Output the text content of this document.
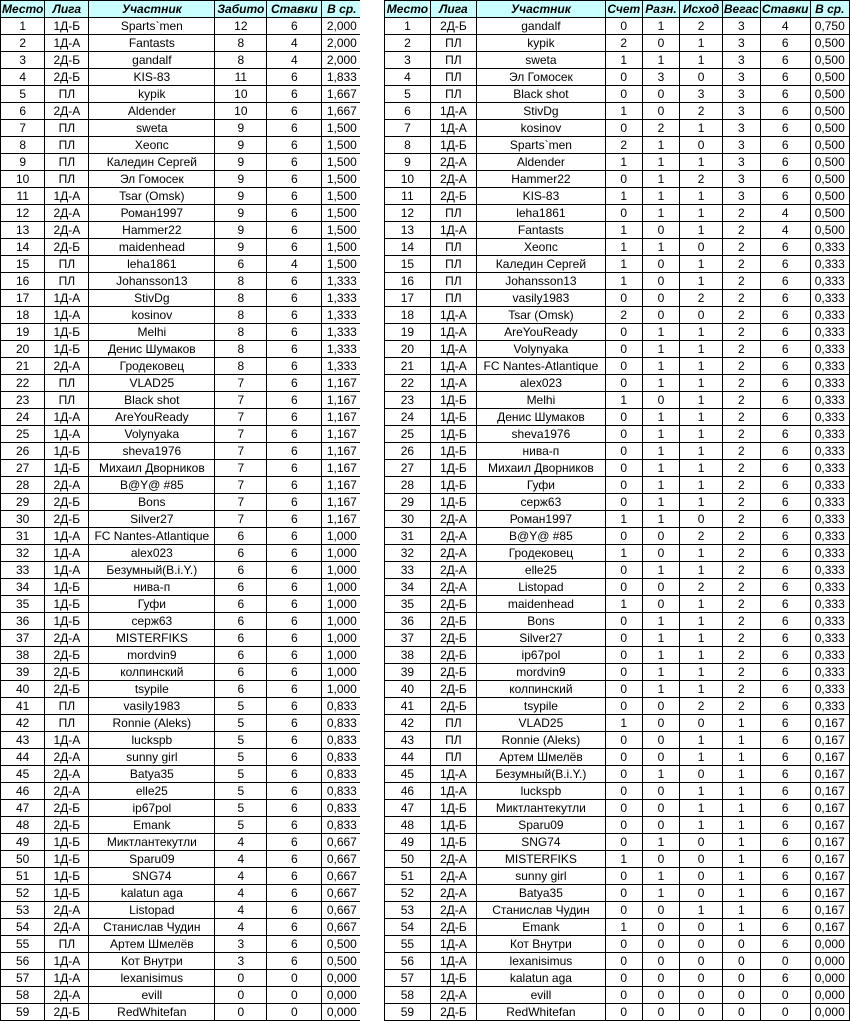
Место	Лига	Участник	Забито	Ставки	В ср.
1	1Д-Б	Sparts`men	12	6	2,000
2	1Д-А	Fantasts	8	4	2,000
3	2Д-Б	gandalf	8	4	2,000
4	2Д-Б	KIS-83	11	6	1,833
5	ПЛ	kypik	10	6	1,667
6	2Д-А	Aldender	10	6	1,667
7	ПЛ	sweta	9	6	1,500
8	ПЛ	Хеопс	9	6	1,500
9	ПЛ	Каледин Сергей	9	6	1,500
10	ПЛ	Эл Гомосек	9	6	1,500
11	1Д-А	Tsar (Omsk)	9	6	1,500
12	2Д-А	Роман1997	9	6	1,500
13	2Д-А	Hammer22	9	6	1,500
14	2Д-Б	maidenhead	9	6	1,500
15	ПЛ	leha1861	6	4	1,500
16	ПЛ	Johansson13	8	6	1,333
17	1Д-А	StivDg	8	6	1,333
18	1Д-А	kosinov	8	6	1,333
19	1Д-Б	Melhi	8	6	1,333
20	1Д-Б	Денис Шумаков	8	6	1,333
21	2Д-А	Гродековец	8	6	1,333
22	ПЛ	VLAD25	7	6	1,167
23	ПЛ	Black shot	7	6	1,167
24	1Д-А	AreYouReady	7	6	1,167
25	1Д-А	Volynyaka	7	6	1,167
26	1Д-Б	sheva1976	7	6	1,167
27	1Д-Б	Михаил Дворников	7	6	1,167
28	2Д-А	B@Y@ #85	7	6	1,167
29	2Д-Б	Bons	7	6	1,167
30	2Д-Б	Silver27	7	6	1,167
31	1Д-А	FC Nantes-Atlantique	6	6	1,000
32	1Д-А	alex023	6	6	1,000
33	1Д-А	Безумный(B.i.Y.)	6	6	1,000
34	1Д-Б	нива-п	6	6	1,000
35	1Д-Б	Гуфи	6	6	1,000
36	1Д-Б	серж63	6	6	1,000
37	2Д-А	MISTERFIKS	6	6	1,000
38	2Д-Б	mordvin9	6	6	1,000
39	2Д-Б	колпинский	6	6	1,000
40	2Д-Б	tsypile	6	6	1,000
41	ПЛ	vasily1983	5	6	0,833
42	ПЛ	Ronnie (Aleks)	5	6	0,833
43	1Д-А	luckspb	5	6	0,833
44	2Д-А	sunny girl	5	6	0,833
45	2Д-А	Batya35	5	6	0,833
46	2Д-А	elle25	5	6	0,833
47	2Д-Б	ip67pol	5	6	0,833
48	2Д-Б	Emank	5	6	0,833
49	1Д-Б	Миктлантекутли	4	6	0,667
50	1Д-Б	Sparu09	4	6	0,667
51	1Д-Б	SNG74	4	6	0,667
52	1Д-Б	kalatun aga	4	6	0,667
53	2Д-А	Listopad	4	6	0,667
54	2Д-А	Станислав Чудин	4	6	0,667
55	ПЛ	Артем Шмелёв	3	6	0,500
56	1Д-А	Кот Внутри	3	6	0,500
57	1Д-А	lexanisimus	0	0	0,000
58	2Д-А	evill	0	0	0,000
59	2Д-Б	RedWhitefan	0	0	0,000
Место	Лига	Участник	Счет	Разн.	Исход	Вегас	Ставки	В ср.
1	2Д-Б	gandalf	0	1	2	3	4	0,750
2	ПЛ	kypik	2	0	1	3	6	0,500
3	ПЛ	sweta	1	1	1	3	6	0,500
4	ПЛ	Эл Гомосек	0	3	0	3	6	0,500
5	ПЛ	Black shot	0	0	3	3	6	0,500
6	1Д-А	StivDg	1	0	2	3	6	0,500
7	1Д-А	kosinov	0	2	1	3	6	0,500
8	1Д-Б	Sparts`men	2	1	0	3	6	0,500
9	2Д-А	Aldender	1	1	1	3	6	0,500
10	2Д-А	Hammer22	0	1	2	3	6	0,500
11	2Д-Б	KIS-83	1	1	1	3	6	0,500
12	ПЛ	leha1861	0	1	1	2	4	0,500
13	1Д-А	Fantasts	1	0	1	2	4	0,500
14	ПЛ	Хеопс	1	1	0	2	6	0,333
15	ПЛ	Каледин Сергей	1	0	1	2	6	0,333
16	ПЛ	Johansson13	1	0	1	2	6	0,333
17	ПЛ	vasily1983	0	0	2	2	6	0,333
18	1Д-А	Tsar (Omsk)	2	0	0	2	6	0,333
19	1Д-А	AreYouReady	0	1	1	2	6	0,333
20	1Д-А	Volynyaka	0	1	1	2	6	0,333
21	1Д-А	FC Nantes-Atlantique	0	1	1	2	6	0,333
22	1Д-А	alex023	0	1	1	2	6	0,333
23	1Д-Б	Melhi	1	0	1	2	6	0,333
24	1Д-Б	Денис Шумаков	0	1	1	2	6	0,333
25	1Д-Б	sheva1976	0	1	1	2	6	0,333
26	1Д-Б	нива-п	0	1	1	2	6	0,333
27	1Д-Б	Михаил Дворников	0	1	1	2	6	0,333
28	1Д-Б	Гуфи	0	1	1	2	6	0,333
29	1Д-Б	серж63	0	1	1	2	6	0,333
30	2Д-А	Роман1997	1	1	0	2	6	0,333
31	2Д-А	B@Y@ #85	0	0	2	2	6	0,333
32	2Д-А	Гродековец	1	0	1	2	6	0,333
33	2Д-А	elle25	0	1	1	2	6	0,333
34	2Д-А	Listopad	0	0	2	2	6	0,333
35	2Д-Б	maidenhead	1	0	1	2	6	0,333
36	2Д-Б	Bons	0	1	1	2	6	0,333
37	2Д-Б	Silver27	0	1	1	2	6	0,333
38	2Д-Б	ip67pol	0	1	1	2	6	0,333
39	2Д-Б	mordvin9	0	1	1	2	6	0,333
40	2Д-Б	колпинский	0	1	1	2	6	0,333
41	2Д-Б	tsypile	0	0	2	2	6	0,333
42	ПЛ	VLAD25	1	0	0	1	6	0,167
43	ПЛ	Ronnie (Aleks)	0	0	1	1	6	0,167
44	ПЛ	Артем Шмелёв	0	0	1	1	6	0,167
45	1Д-А	Безумный(B.i.Y.)	0	1	0	1	6	0,167
46	1Д-А	luckspb	0	0	1	1	6	0,167
47	1Д-Б	Миктлантекутли	0	0	1	1	6	0,167
48	1Д-Б	Sparu09	0	0	1	1	6	0,167
49	1Д-Б	SNG74	0	1	0	1	6	0,167
50	2Д-А	MISTERFIKS	1	0	0	1	6	0,167
51	2Д-А	sunny girl	0	1	0	1	6	0,167
52	2Д-А	Batya35	0	1	0	1	6	0,167
53	2Д-А	Станислав Чудин	0	0	1	1	6	0,167
54	2Д-Б	Emank	1	0	0	1	6	0,167
55	1Д-А	Кот Внутри	0	0	0	0	6	0,000
56	1Д-А	lexanisimus	0	0	0	0	0	0,000
57	1Д-Б	kalatun aga	0	0	0	0	6	0,000
58	2Д-А	evill	0	0	0	0	0	0,000
59	2Д-Б	RedWhitefan	0	0	0	0	0	0,000
